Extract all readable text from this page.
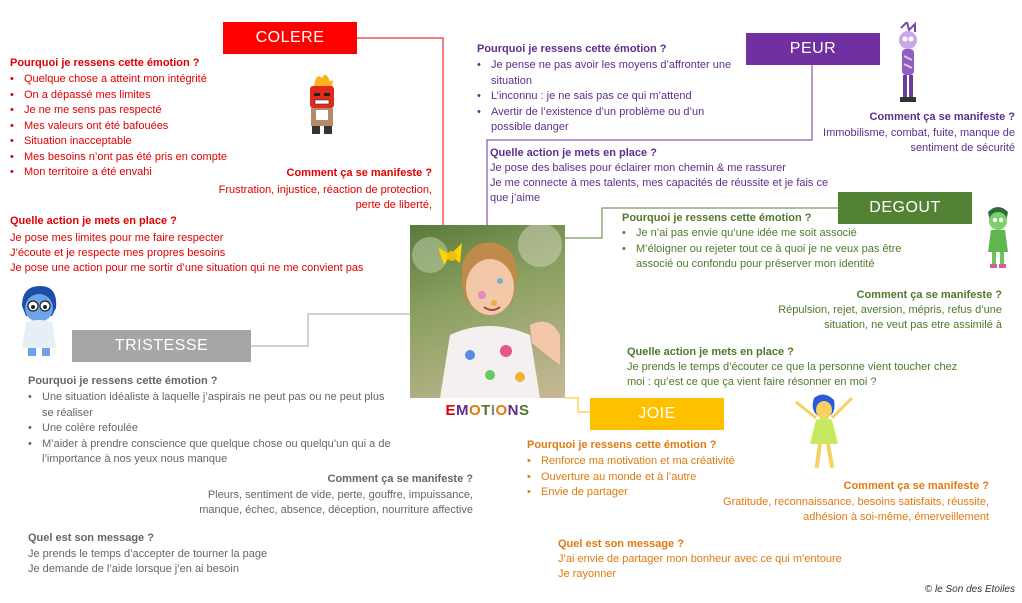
COLERE
Pourquoi je ressens cette émotion ?
• Quelque chose a atteint mon intégrité
• On a dépassé mes limites
• Je ne me sens pas respecté
• Mes valeurs ont été bafouées
• Situation inacceptable
• Mes besoins n’ont pas été pris en compte
• Mon territoire a été envahi	Comment ça se manifeste ?
Frustration, injustice, réaction de protection,
perte de liberté,
Quelle action je mets en place ?
Je pose mes limites pour me faire respecter
J’écoute et je respecte mes propres besoins
Je pose une action pour me sortir d’une situation qui ne me convient pas
PEUR
Pourquoi je ressens cette émotion ?
• Je pense ne pas avoir les moyens d’affronter une situation
• L’inconnu : je ne sais pas ce qui m’attend
• Avertir de l’existence d’un problème ou d’un possible danger
Comment ça se manifeste ?
Immobilisme, combat, fuite, manque de
sentiment de sécurité
Quelle action je mets en place ?
Je pose des balises pour éclairer mon chemin & me rassurer
Je me connecte à mes talents, mes capacités de réussite et je fais ce
que j’aime
DEGOUT
Pourquoi je ressens cette émotion ?
• Je n’ai pas envie qu’une idée me soit associé
• M’éloigner ou rejeter tout ce à quoi je ne veux pas être associé ou confondu pour préserver mon identité
Comment ça se manifeste ?
Répulsion, rejet, aversion, mépris, refus d’une
situation, ne veut pas etre assimilé à
Quelle action je mets en place ?
Je prends le temps d’écouter ce que la personne vient toucher chez
moi : qu’est ce que ça vient faire résonner en moi ?
EMOTIONS
TRISTESSE
Pourquoi je ressens cette émotion ?
• Une situation idéaliste à laquelle j’aspirais ne peut pas ou ne peut plus se réaliser
• Une colère refoulée
• M’aider à prendre conscience que quelque chose ou quelqu’un qui a de l’importance à nos yeux nous manque
Comment ça se manifeste ?
Pleurs, sentiment de vide, perte, gouffre, impuissance,
manque, échec, absence, déception, nourriture affective
Quel est son message ?
Je prends le temps d’accepter de tourner la page
Je demande de l’aide lorsque j’en ai besoin
JOIE
Pourquoi je ressens cette émotion ?
• Renforce ma motivation et ma créativité
• Ouverture au monde et à l’autre
• Envie de partager	Comment ça se manifeste ?
Gratitude, reconnaissance, besoins satisfaits, réussite,
adhésion à soi-même, émerveillement
Quel est son message ?
J’ai envie de partager mon bonheur avec ce qui m’entoure
Je rayonner
© le Son des Etoiles
